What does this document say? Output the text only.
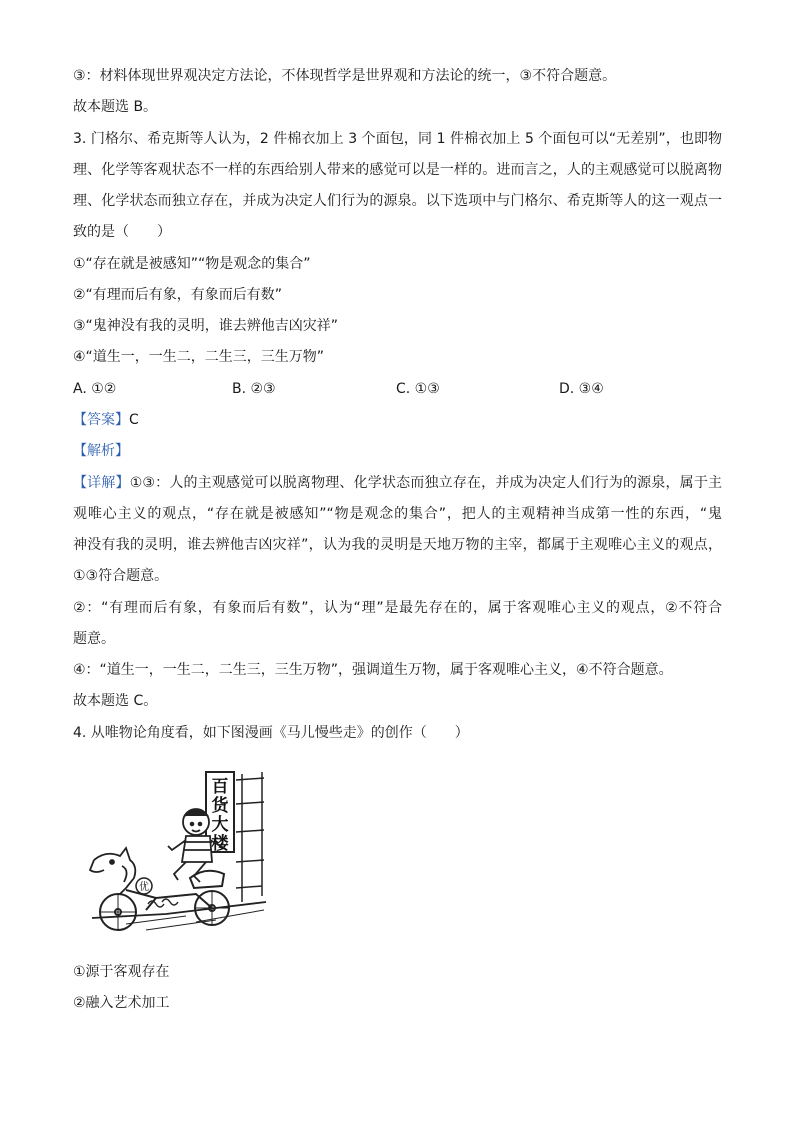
③：材料体现世界观决定方法论，不体现哲学是世界观和方法论的统一，③不符合题意。
故本题选 B。
3. 门格尔、希克斯等人认为，2 件棉衣加上 3 个面包，同 1 件棉衣加上 5 个面包可以“无差别”，也即物
理、化学等客观状态不一样的东西给别人带来的感觉可以是一样的。进而言之，人的主观感觉可以脱离物
理、化学状态而独立存在，并成为决定人们行为的源泉。以下选项中与门格尔、希克斯等人的这一观点一
致的是（　　）
①“存在就是被感知”“物是观念的集合”
②“有理而后有象，有象而后有数”
③“鬼神没有我的灵明，谁去辨他吉凶灾祥”
④“道生一，一生二，二生三，三生万物”
A. ①②	B. ②③	C. ①③	D. ③④
【答案】C
【解析】
【详解】①③：人的主观感觉可以脱离物理、化学状态而独立存在，并成为决定人们行为的源泉，属于主
观唯心主义的观点，“存在就是被感知”“物是观念的集合”，把人的主观精神当成第一性的东西，“鬼
神没有我的灵明，谁去辨他吉凶灾祥”，认为我的灵明是天地万物的主宰，都属于主观唯心主义的观点，
①③符合题意。
②：“有理而后有象，有象而后有数”，认为“理”是最先存在的，属于客观唯心主义的观点，②不符合
题意。
④：“道生一，一生二，二生三，三生万物”，强调道生万物，属于客观唯心主义，④不符合题意。
故本题选 C。
4. 从唯物论角度看，如下图漫画《马儿慢些走》的创作（　　）
百
货
大
楼
优
①源于客观存在
②融入艺术加工
